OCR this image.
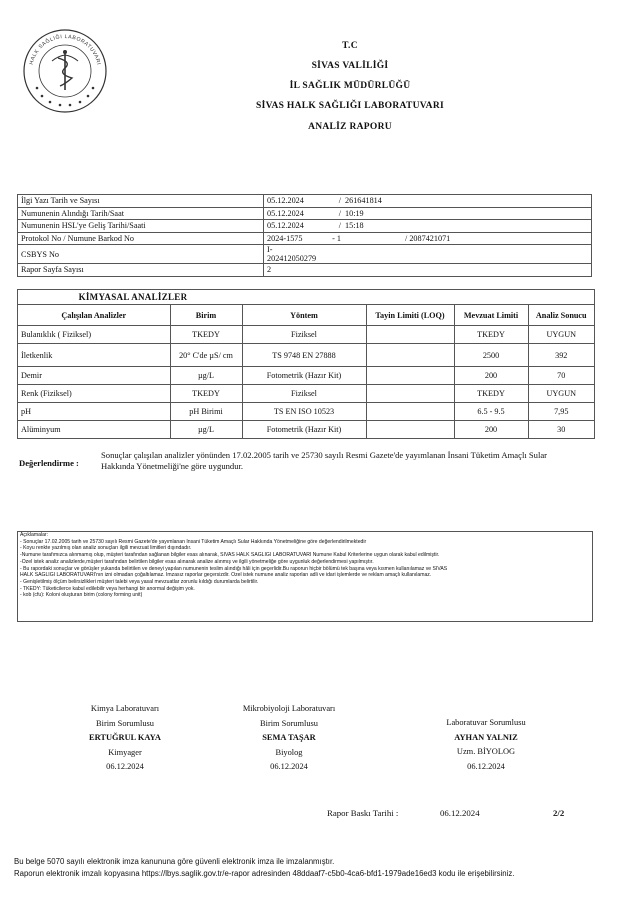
HALK SAĞLIĞI LABORATUVARI
T.C
SİVAS VALİLİĞİ
İL SAĞLIK MÜDÜRLÜĞÜ
SİVAS HALK SAĞLIĞI LABORATUVARI
ANALİZ RAPORU
İlgi Yazı Tarih ve Sayısı	05.12.2024 / 261641814
Numunenin Alındığı Tarih/Saat	05.12.2024 / 10:19
Numunenin HSL'ye Geliş Tarihi/Saati	05.12.2024 / 15:18
Protokol No / Numune Barkod No	2024-1575 - 1 / 2087421071
CSBYS No	I-202412050279
Rapor Sayfa Sayısı	2
KİMYASAL ANALİZLER
Çalışılan Analizler	Birim	Yöntem	Tayin Limiti (LOQ)	Mevzuat Limiti	Analiz Sonucu
Bulanıklık ( Fiziksel)	TKEDY	Fiziksel		TKEDY	UYGUN
İletkenlik	20° C'de µS/ cm	TS 9748 EN 27888		2500	392
Demir	µg/L	Fotometrik (Hazır Kit)		200	70
Renk (Fiziksel)	TKEDY	Fiziksel		TKEDY	UYGUN
pH	pH Birimi	TS EN ISO 10523		6.5 - 9.5	7,95
Alüminyum	µg/L	Fotometrik (Hazır Kit)		200	30
Değerlendirme :
Sonuçlar çalışılan analizler yönünden 17.02.2005 tarih ve 25730 sayılı Resmi Gazete'de yayımlanan İnsani Tüketim Amaçlı Sular Hakkında Yönetmeliği'ne göre uygundur.
Açıklamalar:
- Sonuçlar 17.02.2005 tarih ve 25730 sayılı Resmi Gazete'de yayımlanan İnsani Tüketim Amaçlı Sular Hakkında Yönetmeliğine göre değerlendirilmektedir
- Koyu renkte yazılmış olan analiz sonuçları ilgili mevzuat limitleri dışındadır.
-Numune tarafımızca alınmamış olup, müşteri tarafından sağlanan bilgiler esas alınarak, SİVAS HALK SAĞLIĞI LABORATUVARI Numune Kabul Kriterlerine uygun olarak kabul edilmiştir.
-Özel istek analiz analizlerde,müşteri tarafından belirtilen bilgiler esas alınarak analize alınmış ve ilgili yönetmeliğe göre uygunluk değerlendirmesi yapılmıştır.
- Bu rapordaki sonuçlar ve görüşler yukarıda belirtilen ve deneyi yapılan numunenin teslim alındığı hâli için geçerlidir.Bu raporun hiçbir bölümü tek başına veya kısmen kullanılamaz ve SİVAS
HALK SAĞLIĞI LABORATUVARI'nın izni olmadan çoğaltılamaz. İmzasız raporlar geçersizdir. Özel istek numune analiz raporları adli ve idari işlemlerde ve reklam amaçlı kullanılamaz.
- Genişletilmiş ölçüm belirsizlikleri müşteri talebi veya yasal mevzuatlar zorunlu kıldığı durumlarda belirtilir.
- TKEDY: Tüketicilerce kabul edilebilir veya herhangi bir anormal değişim yok.
- kob (cfu): Koloni oluşturan birim (colony forming unit)
Kimya Laboratuvarı
Birim Sorumlusu
ERTUĞRUL KAYA
Kimyager
06.12.2024
Mikrobiyoloji Laboratuvarı
Birim Sorumlusu
SEMA TAŞAR
Biyolog
06.12.2024
Laboratuvar Sorumlusu
AYHAN YALNIZ
Uzm. BİYOLOG
06.12.2024
Rapor Baskı Tarihi :	06.12.2024	2/2
Bu belge 5070 sayılı elektronik imza kanununa göre güvenli elektronik imza ile imzalanmıştır.
Raporun elektronik imzalı kopyasına https://lbys.saglik.gov.tr/e-rapor adresinden 48ddaaf7-c5b0-4ca6-bfd1-1979ade16ed3 kodu ile erişebilirsiniz.
